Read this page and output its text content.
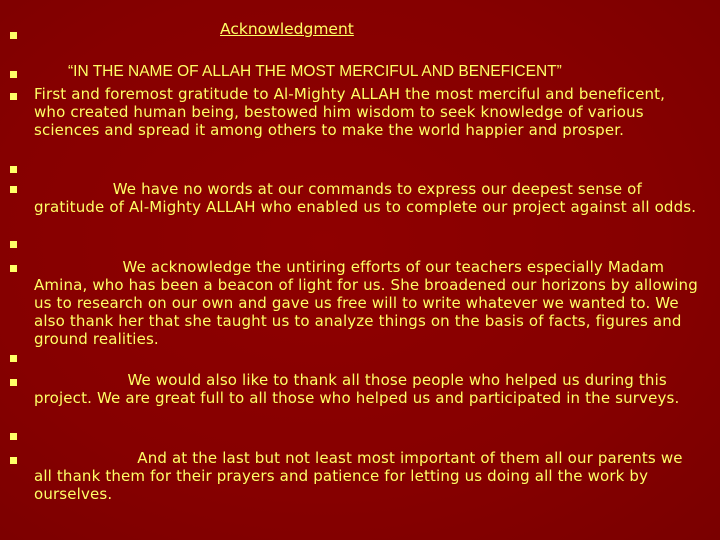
Acknowledgment
“IN THE NAME OF ALLAH THE MOST MERCIFUL AND BENEFICENT”
First and foremost gratitude to Al-Mighty ALLAH the most merciful and beneficent, who created human being, bestowed him wisdom to seek knowledge of various sciences and spread it among others to make the world happier and prosper.
We have no words at our commands to express our deepest sense of gratitude of Al-Mighty ALLAH who enabled us to complete our project against all odds.
We acknowledge the untiring efforts of our teachers especially Madam Amina, who has been a beacon of light for us. She broadened our horizons by allowing us to research on our own and gave us free will to write whatever we wanted to. We also thank her that she taught us to analyze things on the basis of facts, figures and ground realities.
We would also like to thank all those people who helped us during this project. We are great full to all those who helped us and participated in the surveys.
And at the last but not least most important of them all our parents we all thank them for their prayers and patience for letting us doing all the work by ourselves.
